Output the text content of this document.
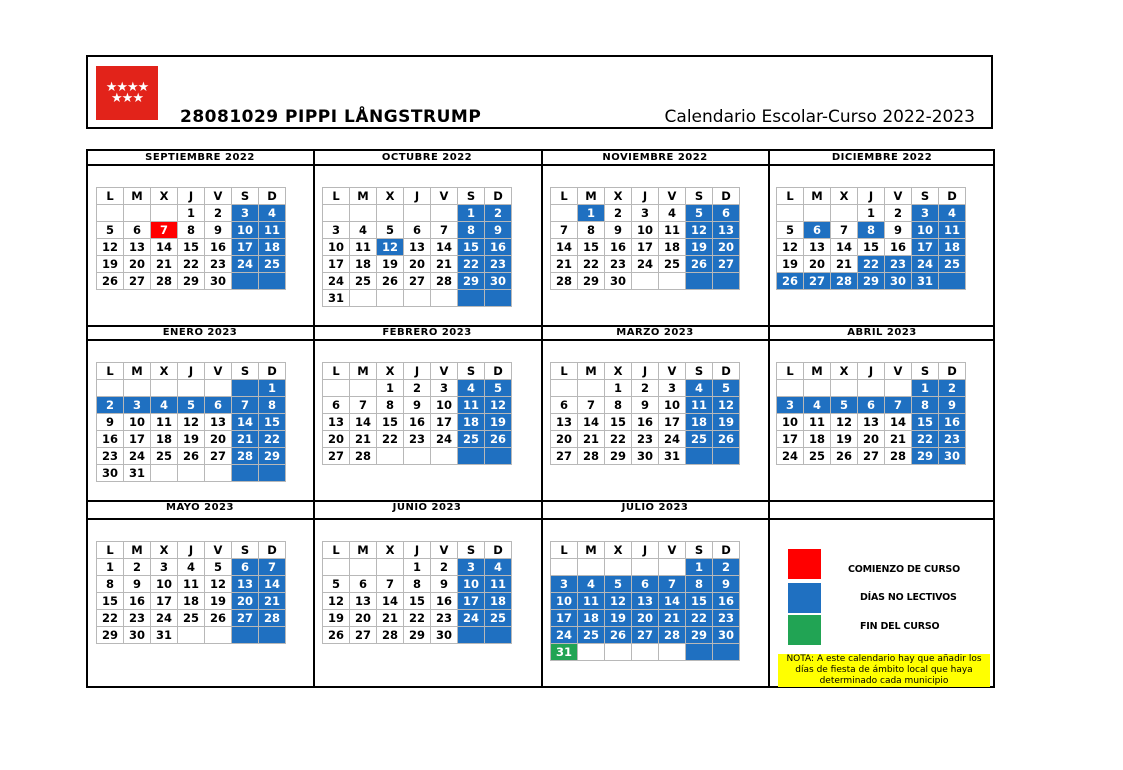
★★★★
★★★
28081029 PIPPI LÅNGSTRUMP	Calendario Escolar-Curso 2022-2023
COMIENZO DE CURSO
DÍAS NO LECTIVOS
FIN DEL CURSO
NOTA: A este calendario hay que añadir los días de fiesta de ámbito local que haya determinado cada municipio
SEPTIEMBRE 2022
L	M	X	J	V	S	D
			1	2	3	4
5	6	7	8	9	10	11
12	13	14	15	16	17	18
19	20	21	22	23	24	25
26	27	28	29	30		
OCTUBRE 2022
L	M	X	J	V	S	D
					1	2
3	4	5	6	7	8	9
10	11	12	13	14	15	16
17	18	19	20	21	22	23
24	25	26	27	28	29	30
31						
NOVIEMBRE 2022
L	M	X	J	V	S	D
	1	2	3	4	5	6
7	8	9	10	11	12	13
14	15	16	17	18	19	20
21	22	23	24	25	26	27
28	29	30				
DICIEMBRE 2022
L	M	X	J	V	S	D
			1	2	3	4
5	6	7	8	9	10	11
12	13	14	15	16	17	18
19	20	21	22	23	24	25
26	27	28	29	30	31	
ENERO 2023
L	M	X	J	V	S	D
						1
2	3	4	5	6	7	8
9	10	11	12	13	14	15
16	17	18	19	20	21	22
23	24	25	26	27	28	29
30	31					
FEBRERO 2023
L	M	X	J	V	S	D
		1	2	3	4	5
6	7	8	9	10	11	12
13	14	15	16	17	18	19
20	21	22	23	24	25	26
27	28					
MARZO 2023
L	M	X	J	V	S	D
		1	2	3	4	5
6	7	8	9	10	11	12
13	14	15	16	17	18	19
20	21	22	23	24	25	26
27	28	29	30	31		
ABRIL 2023
L	M	X	J	V	S	D
					1	2
3	4	5	6	7	8	9
10	11	12	13	14	15	16
17	18	19	20	21	22	23
24	25	26	27	28	29	30
MAYO 2023
L	M	X	J	V	S	D
1	2	3	4	5	6	7
8	9	10	11	12	13	14
15	16	17	18	19	20	21
22	23	24	25	26	27	28
29	30	31				
JUNIO 2023
L	M	X	J	V	S	D
			1	2	3	4
5	6	7	8	9	10	11
12	13	14	15	16	17	18
19	20	21	22	23	24	25
26	27	28	29	30		
JULIO 2023
L	M	X	J	V	S	D
					1	2
3	4	5	6	7	8	9
10	11	12	13	14	15	16
17	18	19	20	21	22	23
24	25	26	27	28	29	30
31						
